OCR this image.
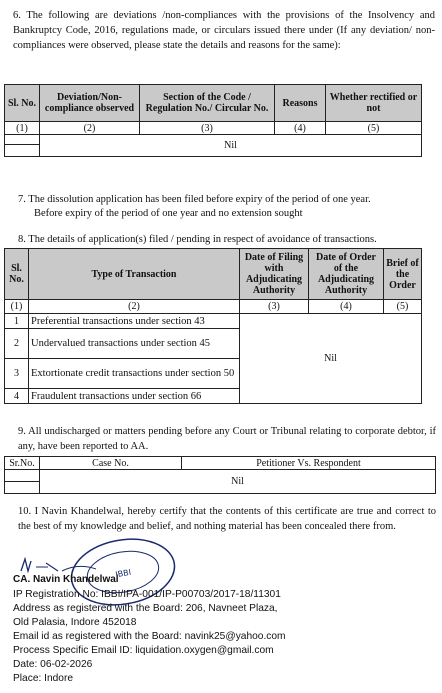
6. The following are deviations /non-compliances with the provisions of the Insolvency and Bankruptcy Code, 2016, regulations made, or circulars issued there under (If any deviation/ non- compliances were observed, please state the details and reasons for the same):
Sl. No.	Deviation/Non-compliance observed	Section of the Code / Regulation No./ Circular No.	Reasons	Whether rectified or not
(1)	(2)	(3)	(4)	(5)
	Nil			

7. The dissolution application has been filed before expiry of the period of one year.
Before expiry of the period of one year and no extension sought
8. The details of application(s) filed / pending in respect of avoidance of transactions.
Sl. No.	Type of Transaction	Date of Filing with Adjudicating Authority	Date of Order of the Adjudicating Authority	Brief of the Order
(1)	(2)	(3)	(4)	(5)
1	Preferential transactions under section 43	Nil		
2	Undervalued transactions under section 45			
3	Extortionate credit transactions under section 50			
4	Fraudulent transactions under section 66			
9. All undischarged or matters pending before any Court or Tribunal relating to corporate debtor, if any, have been reported to AA.
Sr.No.	Case No.	Petitioner Vs. Respondent
	Nil	

10. I Navin Khandelwal, hereby certify that the contents of this certificate are true and correct to the best of my knowledge and belief, and nothing material has been concealed there from.
IBBI
CA. Navin Khandelwal
IP Registration No: IBBI/IPA-001/IP-P00703/2017-18/11301
Address as registered with the Board: 206, Navneet Plaza,
Old Palasia, Indore 452018
Email id as registered with the Board: navink25@yahoo.com
Process Specific Email ID: liquidation.oxygen@gmail.com
Date: 06-02-2026
Place: Indore
